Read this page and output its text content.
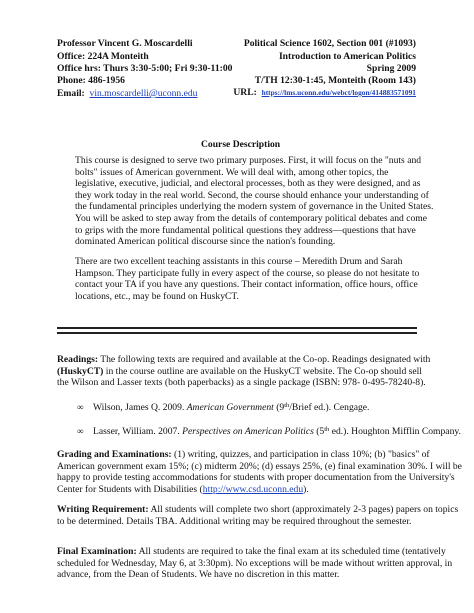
Professor Vincent G. Moscardelli
Office: 224A Monteith
Office hrs: Thurs 3:30-5:00; Fri 9:30-11:00
Phone: 486-1956
Email: vin.moscardelli@uconn.edu
Political Science 1602, Section 001 (#1093)
Introduction to American Politics
Spring 2009
T/TH 12:30-1:45, Monteith (Room 143)
URL: https://lms.uconn.edu/webct/logon/414883571091
Course Description
This course is designed to serve two primary purposes. First, it will focus on the "nuts and
bolts" issues of American government. We will deal with, among other topics, the
legislative, executive, judicial, and electoral processes, both as they were designed, and as
they work today in the real world. Second, the course should enhance your understanding of
the fundamental principles underlying the modern system of governance in the United States.
You will be asked to step away from the details of contemporary political debates and come
to grips with the more fundamental political questions they address—questions that have
dominated American political discourse since the nation's founding.
There are two excellent teaching assistants in this course – Meredith Drum and Sarah
Hampson. They participate fully in every aspect of the course, so please do not hesitate to
contact your TA if you have any questions. Their contact information, office hours, office
locations, etc., may be found on HuskyCT.
Readings: The following texts are required and available at the Co-op. Readings designated with
(HuskyCT) in the course outline are available on the HuskyCT website. The Co-op should sell
the Wilson and Lasser texts (both paperbacks) as a single package (ISBN: 978- 0-495-78240-8).
∞ Wilson, James Q. 2009. American Government (9th/Brief ed.). Cengage.
∞ Lasser, William. 2007. Perspectives on American Politics (5th ed.). Houghton Mifflin Company.
Grading and Examinations: (1) writing, quizzes, and participation in class 10%; (b) "basics" of
American government exam 15%; (c) midterm 20%; (d) essays 25%, (e) final examination 30%. I will be
happy to provide testing accommodations for students with proper documentation from the University's
Center for Students with Disabilities (http://www.csd.uconn.edu).
Writing Requirement: All students will complete two short (approximately 2-3 pages) papers on topics
to be determined. Details TBA. Additional writing may be required throughout the semester.
Final Examination: All students are required to take the final exam at its scheduled time (tentatively
scheduled for Wednesday, May 6, at 3:30pm). No exceptions will be made without written approval, in
advance, from the Dean of Students. We have no discretion in this matter.
